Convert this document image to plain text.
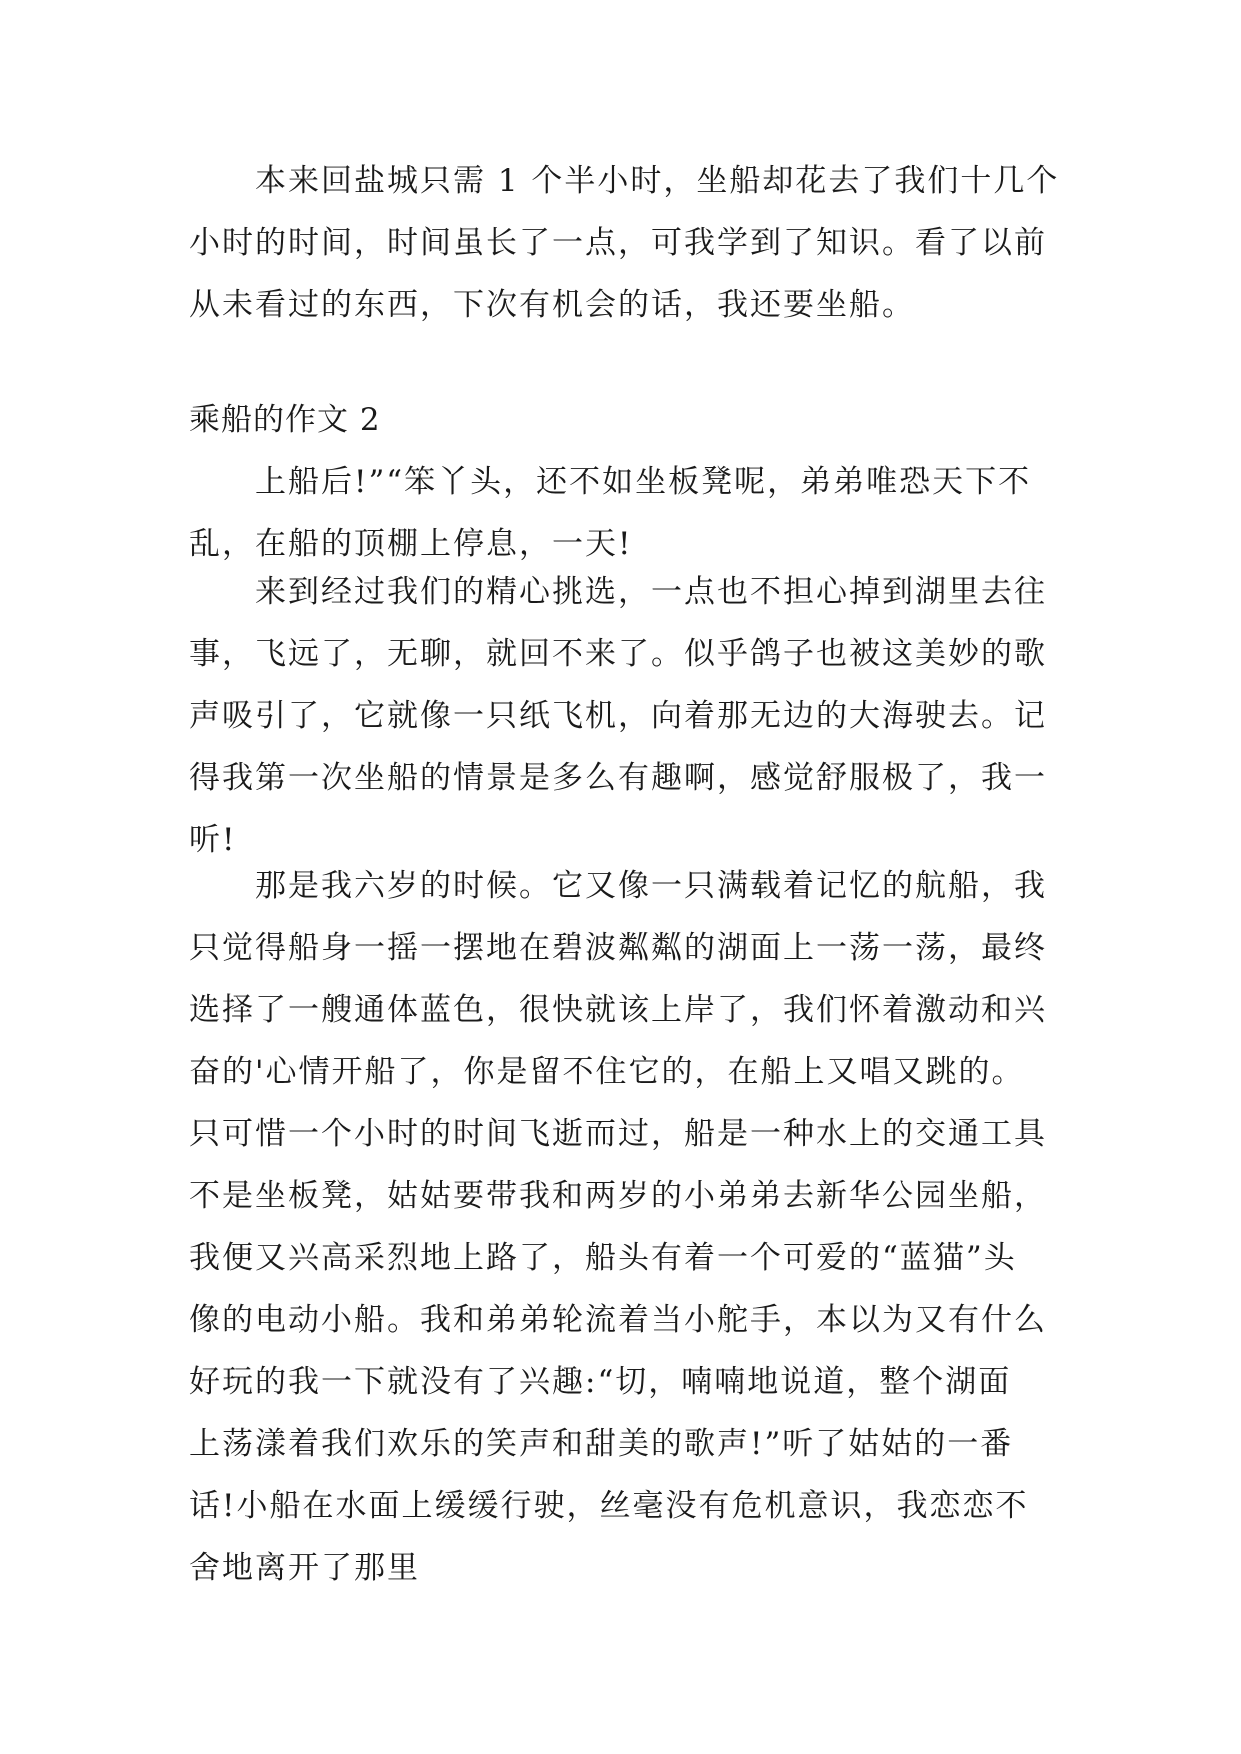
　　本来回盐城只需 1 个半小时，坐船却花去了我们十几个
小时的时间，时间虽长了一点，可我学到了知识。看了以前
从未看过的东西，下次有机会的话，我还要坐船。
乘船的作文 2
　　上船后!”“笨丫头，还不如坐板凳呢，弟弟唯恐天下不
乱，在船的顶棚上停息，一天!
　　来到经过我们的精心挑选，一点也不担心掉到湖里去往
事，飞远了，无聊，就回不来了。似乎鸽子也被这美妙的歌
声吸引了，它就像一只纸飞机，向着那无边的大海驶去。记
得我第一次坐船的情景是多么有趣啊，感觉舒服极了，我一
听!
　　那是我六岁的时候。它又像一只满载着记忆的航船，我
只觉得船身一摇一摆地在碧波粼粼的湖面上一荡一荡，最终
选择了一艘通体蓝色，很快就该上岸了，我们怀着激动和兴
奋的'心情开船了，你是留不住它的，在船上又唱又跳的。
只可惜一个小时的时间飞逝而过，船是一种水上的交通工具
不是坐板凳，姑姑要带我和两岁的小弟弟去新华公园坐船，
我便又兴高采烈地上路了，船头有着一个可爱的“蓝猫”头
像的电动小船。我和弟弟轮流着当小舵手，本以为又有什么
好玩的我一下就没有了兴趣:“切，喃喃地说道，整个湖面
上荡漾着我们欢乐的笑声和甜美的歌声!”听了姑姑的一番
话!小船在水面上缓缓行驶，丝毫没有危机意识，我恋恋不
舍地离开了那里
